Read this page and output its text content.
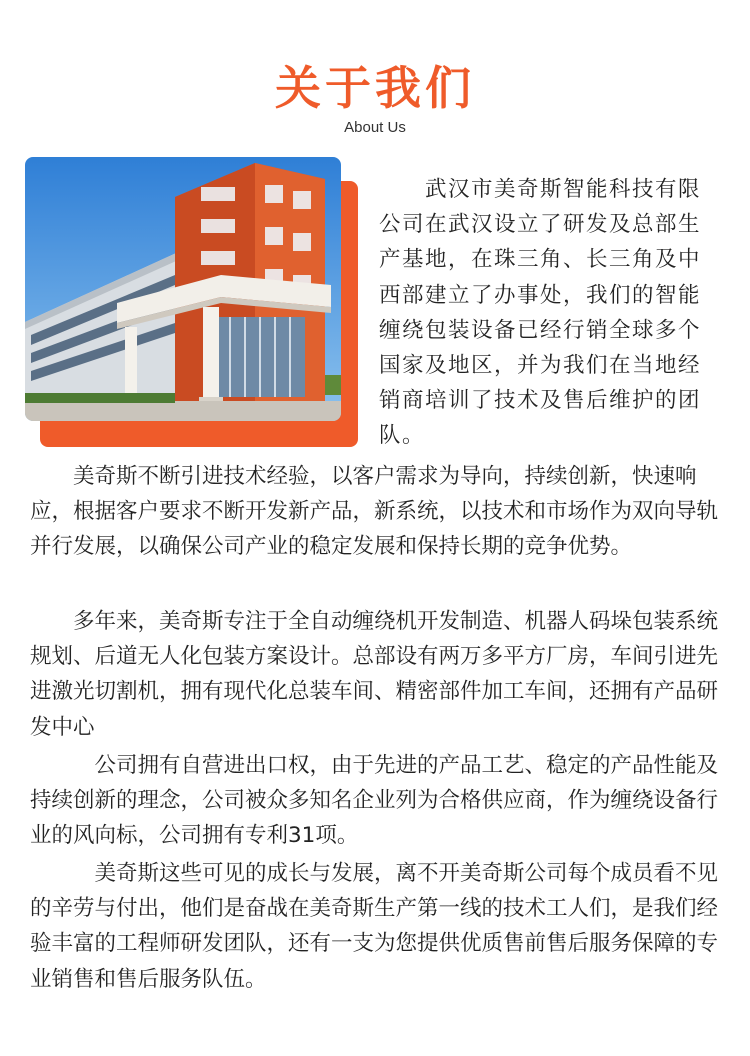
关于我们
About Us

　　武汉市美奇斯智能科技有限公司在武汉设立了研发及总部生产基地，在珠三角、长三角及中西部建立了办事处，我们的智能缠绕包装设备已经行销全球多个国家及地区，并为我们在当地经销商培训了技术及售后维护的团队。

　　美奇斯不断引进技术经验，以客户需求为导向，持续创新，快速响应，根据客户要求不断开发新产品，新系统，以技术和市场作为双向导轨并行发展，以确保公司产业的稳定发展和保持长期的竞争优势。

　　多年来，美奇斯专注于全自动缠绕机开发制造、机器人码垛包装系统规划、后道无人化包装方案设计。总部设有两万多平方厂房，车间引进先进激光切割机，拥有现代化总装车间、精密部件加工车间，还拥有产品研发中心

　　　公司拥有自营进出口权，由于先进的产品工艺、稳定的产品性能及持续创新的理念，公司被众多知名企业列为合格供应商，作为缠绕设备行业的风向标，公司拥有专利31项。

　　　美奇斯这些可见的成长与发展，离不开美奇斯公司每个成员看不见的辛劳与付出，他们是奋战在美奇斯生产第一线的技术工人们，是我们经验丰富的工程师研发团队，还有一支为您提供优质售前售后服务保障的专业销售和售后服务队伍。
